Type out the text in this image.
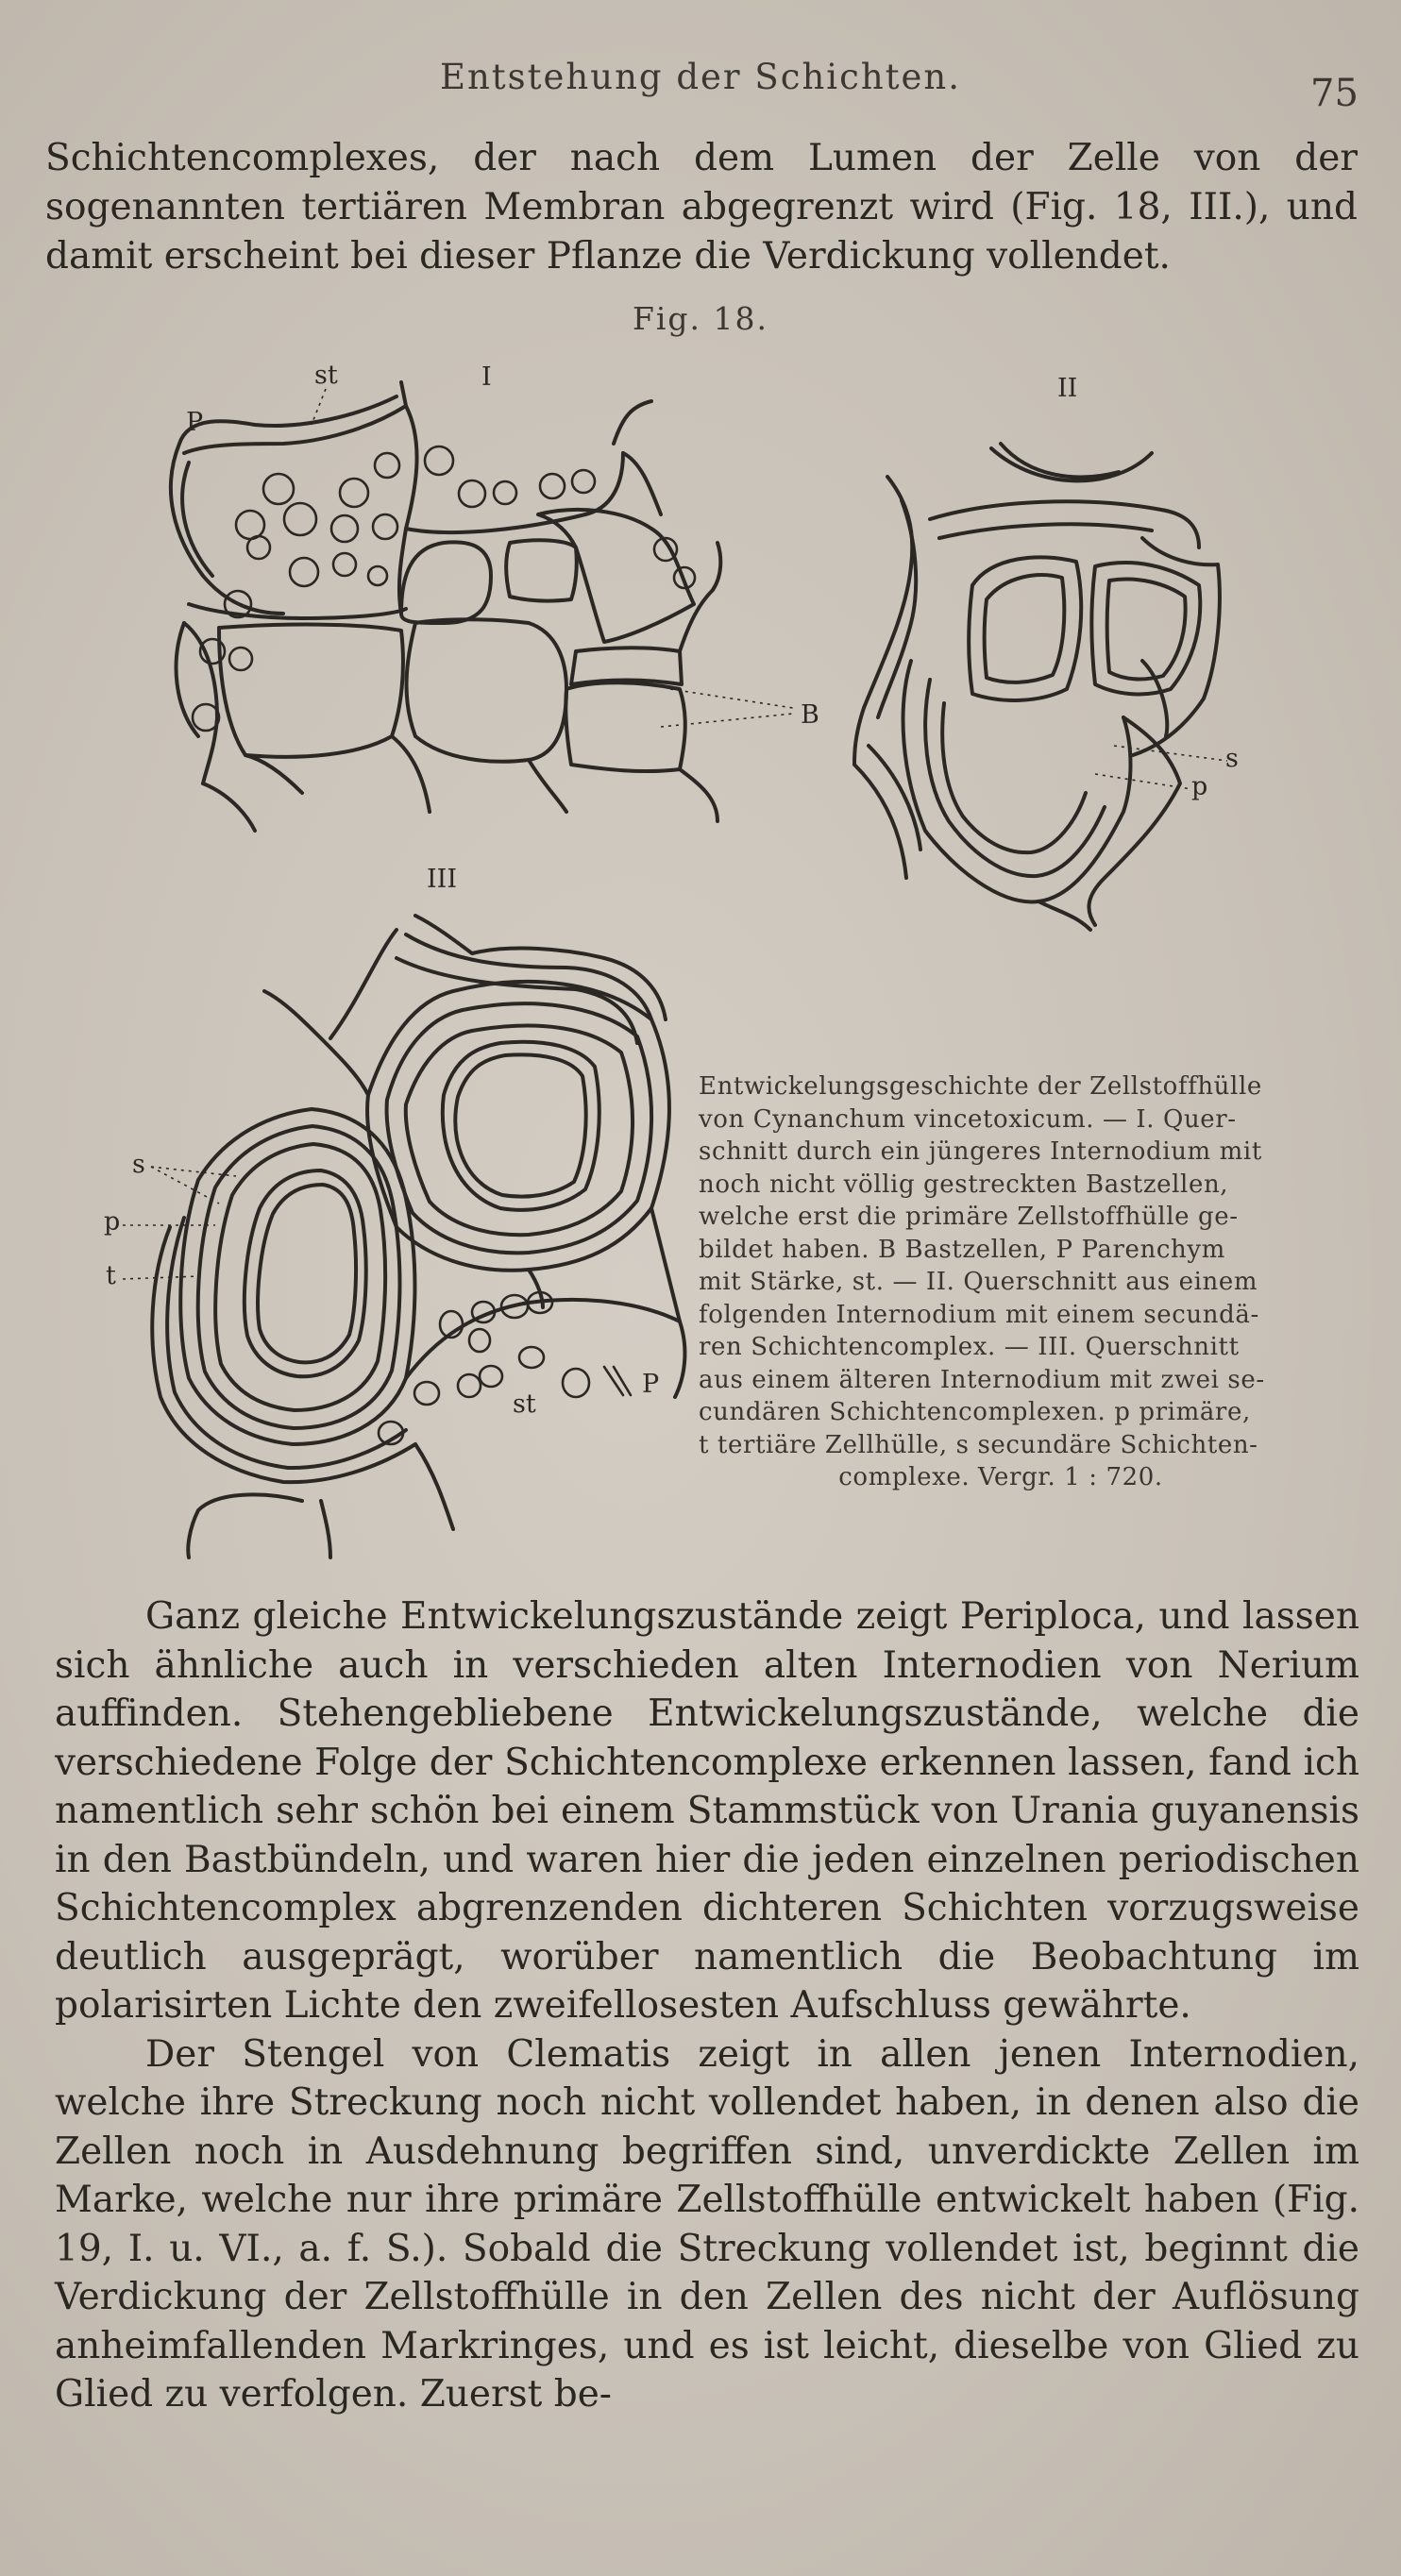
Entstehung der Schichten.	75
Schichtencomplexes, der nach dem Lumen der Zelle von der sogenannten tertiären Membran abgegrenzt wird (Fig. 18, III.), und damit erscheint bei dieser Pflanze die Verdickung vollendet.
Fig. 18.
I
st
P
B
II
s
p
III
st
P
s
p
t
Entwickelungsgeschichte der Zellstoffhülle
von Cynanchum vincetoxicum. — I. Quer-
schnitt durch ein jüngeres Internodium mit
noch nicht völlig gestreckten Bastzellen,
welche erst die primäre Zellstoffhülle ge-
bildet haben. B Bastzellen, P Parenchym
mit Stärke, st. — II. Querschnitt aus einem
folgenden Internodium mit einem secundä-
ren Schichtencomplex. — III. Querschnitt
aus einem älteren Internodium mit zwei se-
cundären Schichtencomplexen. p primäre,
t tertiäre Zellhülle, s secundäre Schichten-
complexe. Vergr. 1 : 720.

Ganz gleiche Entwickelungszustände zeigt Periploca, und lassen sich ähnliche auch in verschieden alten Internodien von Nerium auffinden. Stehengebliebene Entwickelungszustände, welche die verschiedene Folge der Schichtencomplexe erkennen lassen, fand ich namentlich sehr schön bei einem Stammstück von Urania guyanensis in den Bastbündeln, und waren hier die jeden einzelnen periodischen Schichtencomplex abgrenzenden dichteren Schichten vorzugsweise deutlich ausgeprägt, worüber namentlich die Beobachtung im polarisirten Lichte den zweifellosesten Aufschluss gewährte.

Der Stengel von Clematis zeigt in allen jenen Internodien, welche ihre Streckung noch nicht vollendet haben, in denen also die Zellen noch in Ausdehnung begriffen sind, unverdickte Zellen im Marke, welche nur ihre primäre Zellstoffhülle entwickelt haben (Fig. 19, I. u. VI., a. f. S.). Sobald die Streckung vollendet ist, beginnt die Verdickung der Zellstoffhülle in den Zellen des nicht der Auflösung anheimfallenden Markringes, und es ist leicht, dieselbe von Glied zu Glied zu verfolgen. Zuerst be-
